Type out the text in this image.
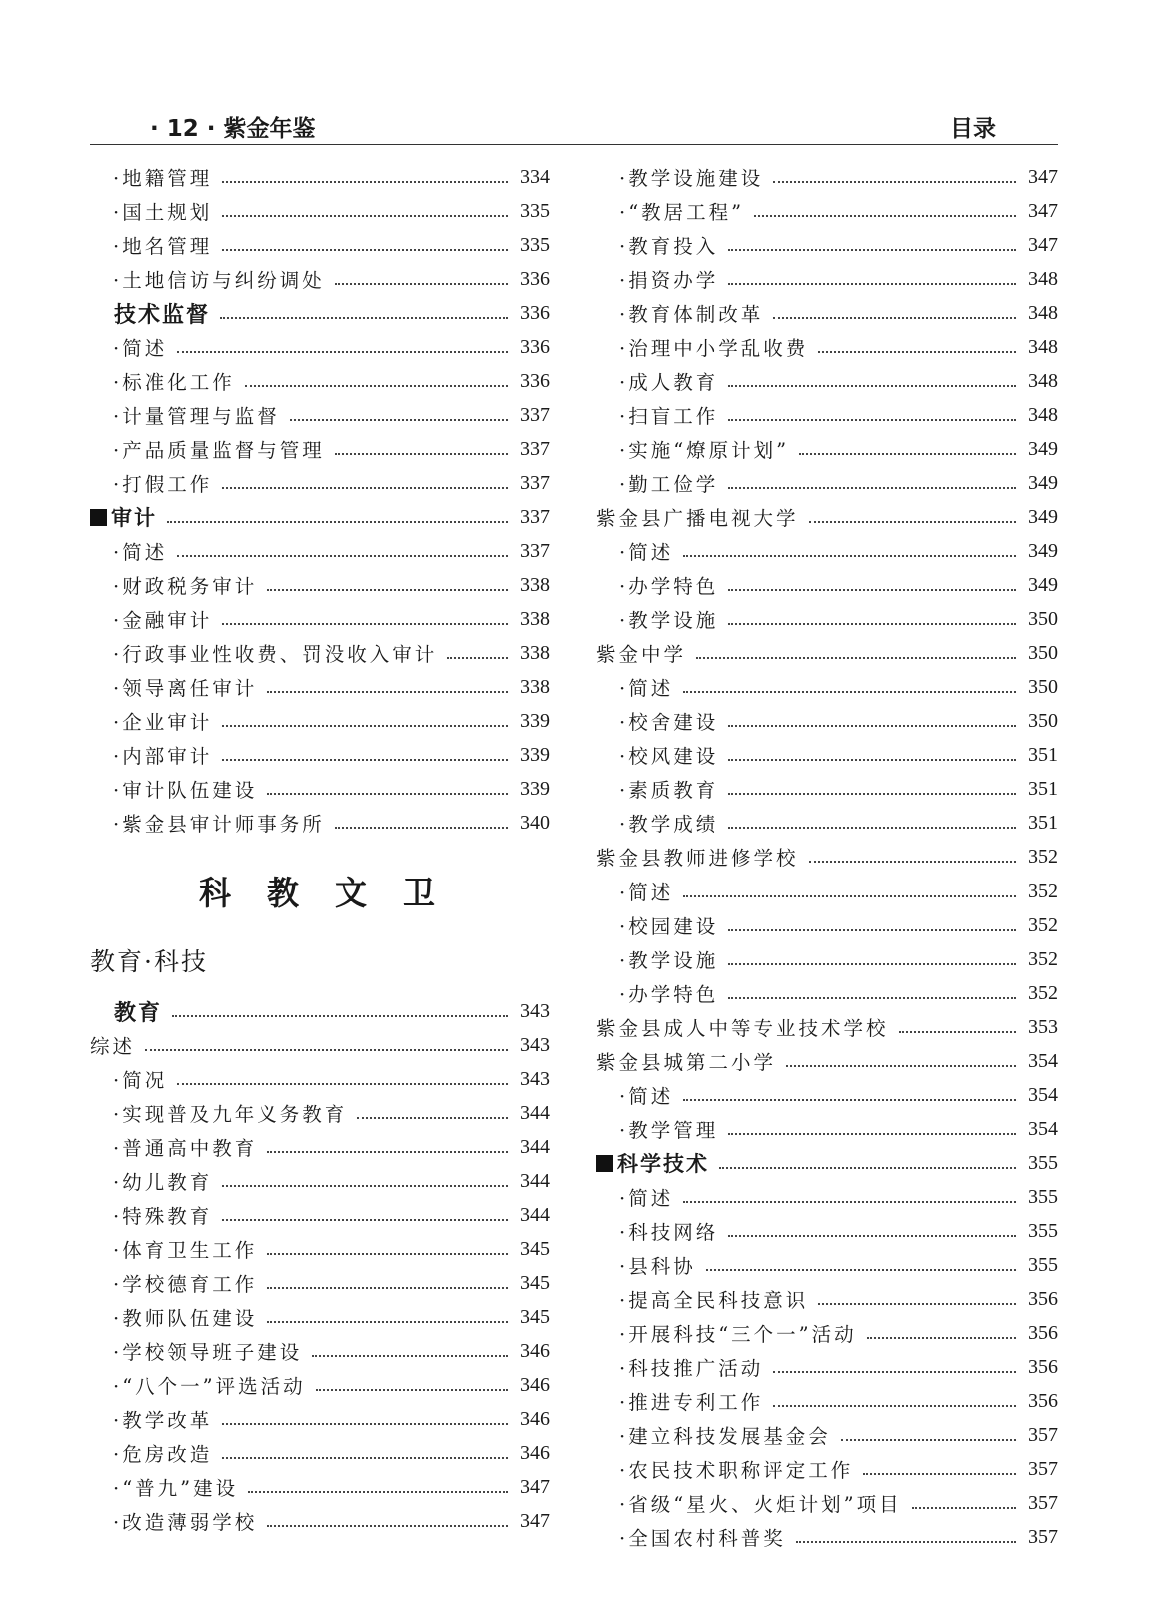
· 12 · 紫金年鉴	目录
·地籍管理	334
·国土规划	335
·地名管理	335
·土地信访与纠纷调处	336
技术监督	336
·简述	336
·标准化工作	336
·计量管理与监督	337
·产品质量监督与管理	337
·打假工作	337
审计	337
·简述	337
·财政税务审计	338
·金融审计	338
·行政事业性收费、罚没收入审计	338
·领导离任审计	338
·企业审计	339
·内部审计	339
·审计队伍建设	339
·紫金县审计师事务所	340
科教文卫
教育·科技
教育	343
综述	343
·简况	343
·实现普及九年义务教育	344
·普通高中教育	344
·幼儿教育	344
·特殊教育	344
·体育卫生工作	345
·学校德育工作	345
·教师队伍建设	345
·学校领导班子建设	346
·“八个一”评选活动	346
·教学改革	346
·危房改造	346
·“普九”建设	347
·改造薄弱学校	347
·教学设施建设	347
·“教居工程”	347
·教育投入	347
·捐资办学	348
·教育体制改革	348
·治理中小学乱收费	348
·成人教育	348
·扫盲工作	348
·实施“燎原计划”	349
·勤工俭学	349
紫金县广播电视大学	349
·简述	349
·办学特色	349
·教学设施	350
紫金中学	350
·简述	350
·校舍建设	350
·校风建设	351
·素质教育	351
·教学成绩	351
紫金县教师进修学校	352
·简述	352
·校园建设	352
·教学设施	352
·办学特色	352
紫金县成人中等专业技术学校	353
紫金县城第二小学	354
·简述	354
·教学管理	354
科学技术	355
·简述	355
·科技网络	355
·县科协	355
·提高全民科技意识	356
·开展科技“三个一”活动	356
·科技推广活动	356
·推进专利工作	356
·建立科技发展基金会	357
·农民技术职称评定工作	357
·省级“星火、火炬计划”项目	357
·全国农村科普奖	357
